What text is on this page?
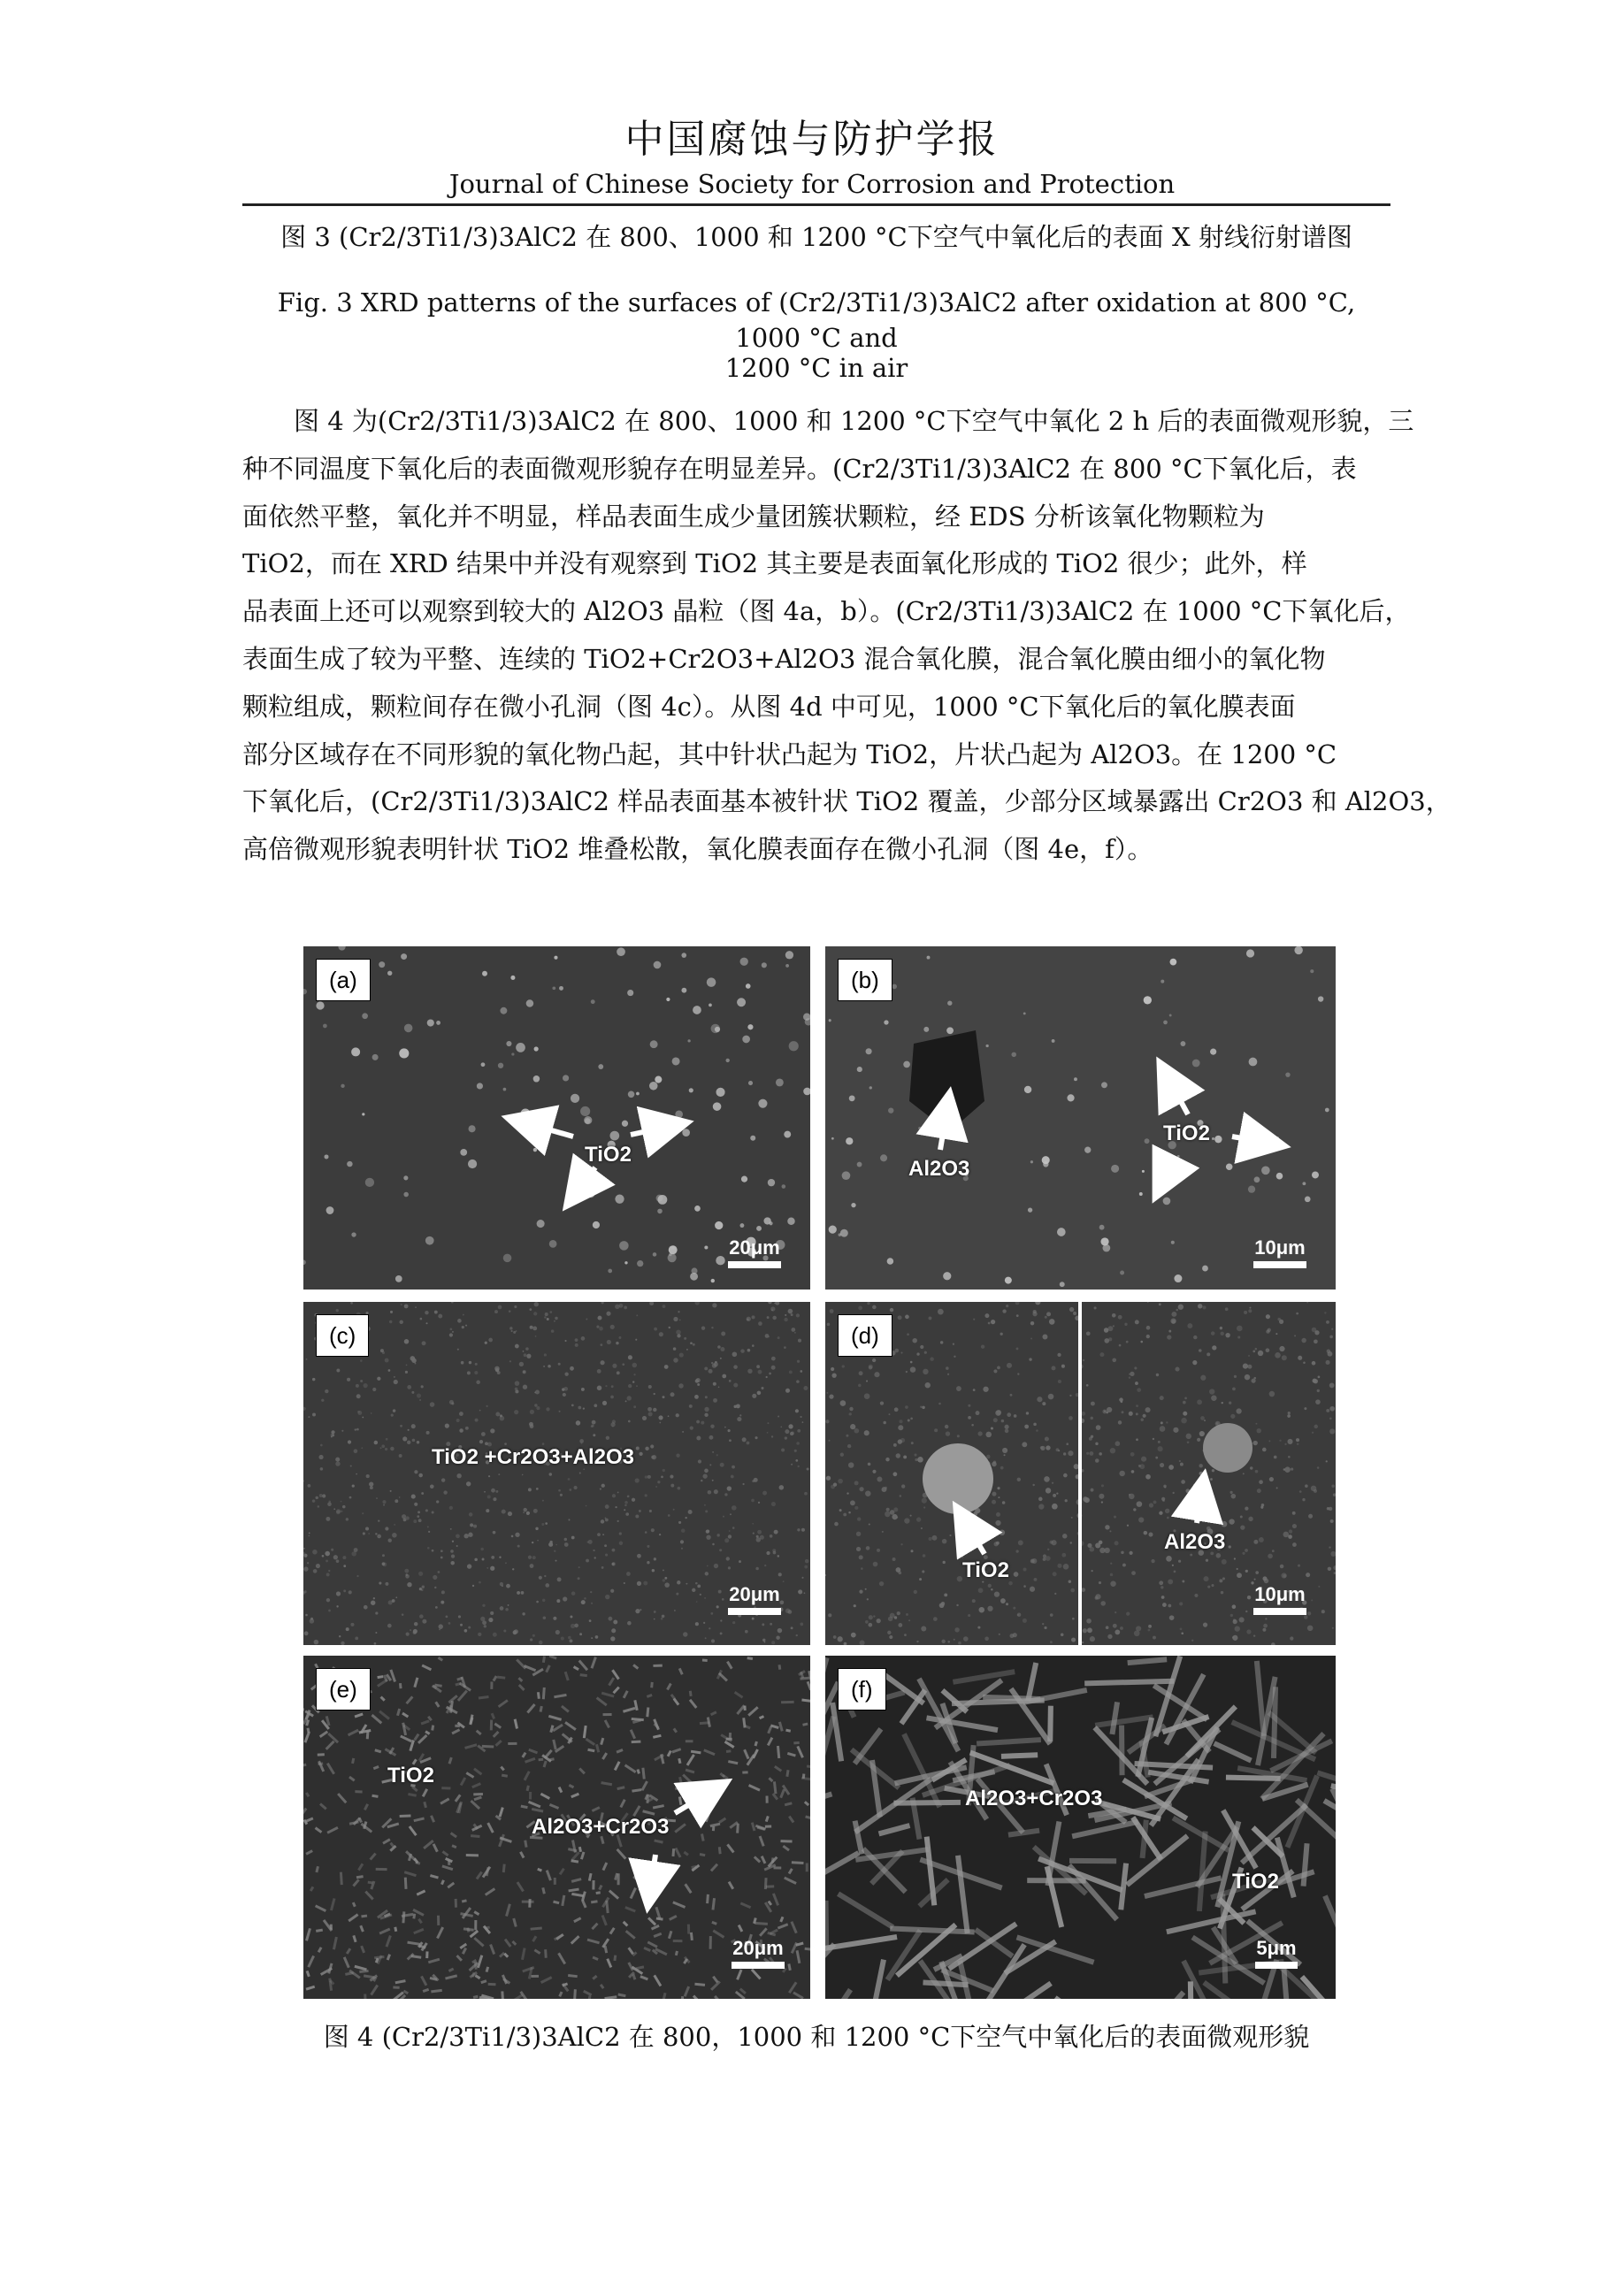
中国腐蚀与防护学报
Journal of Chinese Society for Corrosion and Protection
图 3 (Cr2/3Ti1/3)3AlC2 在 800、1000 和 1200 °C下空气中氧化后的表面 X 射线衍射谱图
Fig. 3 XRD patterns of the surfaces of (Cr2/3Ti1/3)3AlC2 after oxidation at 800 °C, 1000 °C and
1200 °C in air
图 4 为(Cr2/3Ti1/3)3AlC2 在 800、1000 和 1200 °C下空气中氧化 2 h 后的表面微观形貌，三
种不同温度下氧化后的表面微观形貌存在明显差异。(Cr2/3Ti1/3)3AlC2 在 800 °C下氧化后，表
面依然平整，氧化并不明显，样品表面生成少量团簇状颗粒，经 EDS 分析该氧化物颗粒为
TiO2，而在 XRD 结果中并没有观察到 TiO2 其主要是表面氧化形成的 TiO2 很少；此外，样
品表面上还可以观察到较大的 Al2O3 晶粒（图 4a，b）。(Cr2/3Ti1/3)3AlC2 在 1000 °C下氧化后，
表面生成了较为平整、连续的 TiO2+Cr2O3+Al2O3 混合氧化膜，混合氧化膜由细小的氧化物
颗粒组成，颗粒间存在微小孔洞（图 4c）。从图 4d 中可见，1000 °C下氧化后的氧化膜表面
部分区域存在不同形貌的氧化物凸起，其中针状凸起为 TiO2，片状凸起为 Al2O3。在 1200 °C
下氧化后，(Cr2/3Ti1/3)3AlC2 样品表面基本被针状 TiO2 覆盖，少部分区域暴露出 Cr2O3 和 Al2O3，
高倍微观形貌表明针状 TiO2 堆叠松散，氧化膜表面存在微小孔洞（图 4e，f）。
(a)
TiO2
20μm
(b)
Al2O3
TiO2
10μm
(c)
TiO2 +Cr2O3+Al2O3
20μm
(d)
TiO2
Al2O3
10μm
(e)
TiO2
Al2O3+Cr2O3
20μm
(f)
Al2O3+Cr2O3
TiO2
5μm
图 4 (Cr2/3Ti1/3)3AlC2 在 800，1000 和 1200 °C下空气中氧化后的表面微观形貌
